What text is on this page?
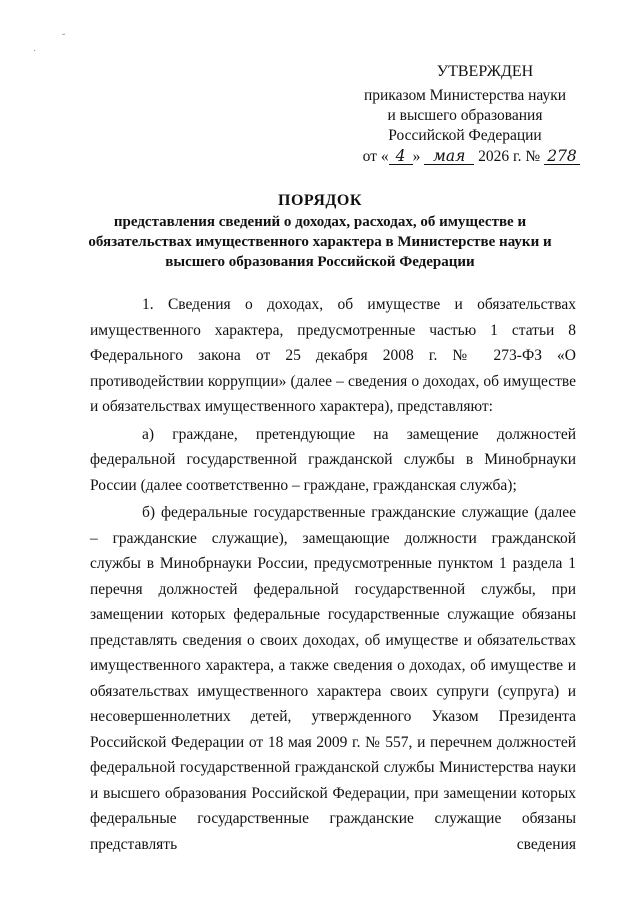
·
ˇ
УТВЕРЖДЕН
приказом Министерства науки
и высшего образования
Российской Федерации
от « 4 » мая 2026 г. № 278
ПОРЯДОК
представления сведений о доходах, расходах, об имуществе и обязательствах имущественного характера в Министерстве науки и высшего образования Российской Федерации

1. Сведения о доходах, об имуществе и обязательствах имущественного характера, предусмотренные частью 1 статьи 8 Федерального закона от 25 декабря 2008 г. № 273-ФЗ «О противодействии коррупции» (далее – сведения о доходах, об имуществе и обязательствах имущественного характера), представляют:

а) граждане, претендующие на замещение должностей федеральной государственной гражданской службы в Минобрнауки России (далее соответственно – граждане, гражданская служба);

б) федеральные государственные гражданские служащие (далее – гражданские служащие), замещающие должности гражданской службы в Минобрнауки России, предусмотренные пунктом 1 раздела 1 перечня должностей федеральной государственной службы, при замещении которых федеральные государственные служащие обязаны представлять сведения о своих доходах, об имуществе и обязательствах имущественного характера, а также сведения о доходах, об имуществе и обязательствах имущественного характера своих супруги (супруга) и несовершеннолетних детей, утвержденного Указом Президента Российской Федерации от 18 мая 2009 г. № 557, и перечнем должностей федеральной государственной гражданской службы Министерства науки и высшего образования Российской Федерации, при замещении которых федеральные государственные гражданские служащие обязаны представлять сведения
